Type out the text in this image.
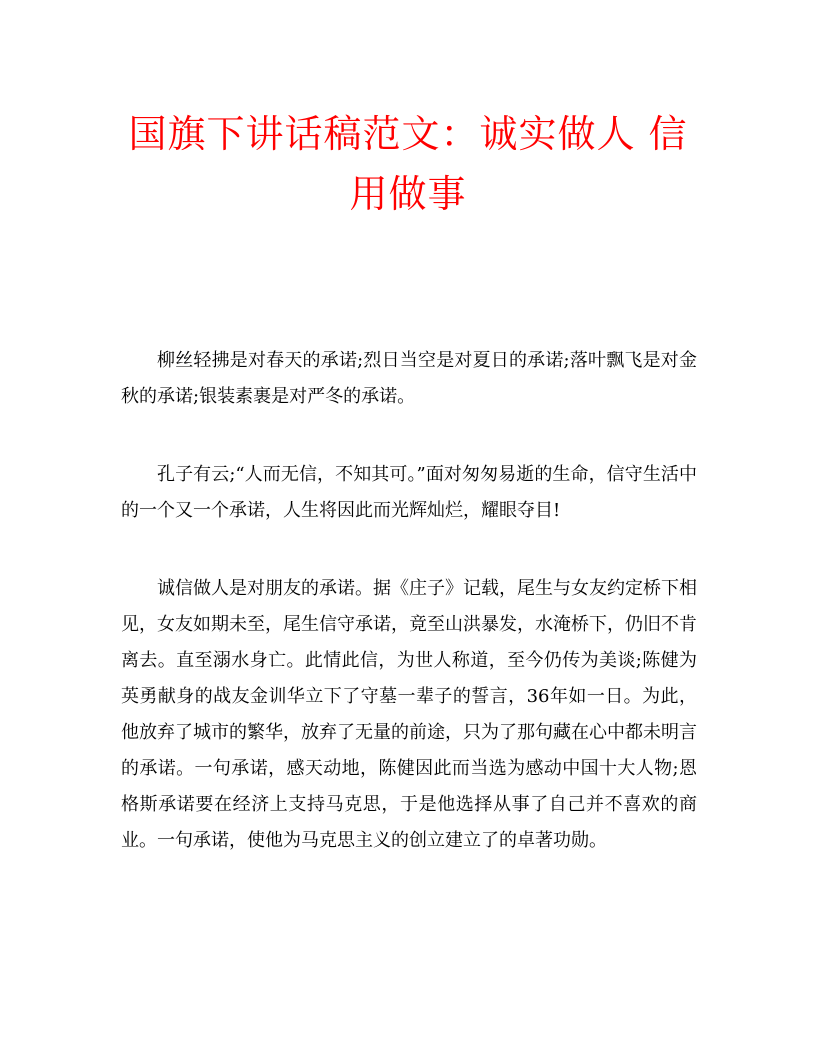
国旗下讲话稿范文：诚实做人 信用做事

柳丝轻拂是对春天的承诺;烈日当空是对夏日的承诺;落叶飘飞是对金秋的承诺;银装素裹是对严冬的承诺。

孔子有云;“人而无信，不知其可。”面对匆匆易逝的生命，信守生活中的一个又一个承诺，人生将因此而光辉灿烂，耀眼夺目!

诚信做人是对朋友的承诺。据《庄子》记载，尾生与女友约定桥下相见，女友如期未至，尾生信守承诺，竟至山洪暴发，水淹桥下，仍旧不肯离去。直至溺水身亡。此情此信，为世人称道，至今仍传为美谈;陈健为英勇献身的战友金训华立下了守墓一辈子的誓言，36年如一日。为此，他放弃了城市的繁华，放弃了无量的前途，只为了那句藏在心中都未明言的承诺。一句承诺，感天动地，陈健因此而当选为感动中国十大人物;恩格斯承诺要在经济上支持马克思，于是他选择从事了自己并不喜欢的商业。一句承诺，使他为马克思主义的创立建立了的卓著功勋。
